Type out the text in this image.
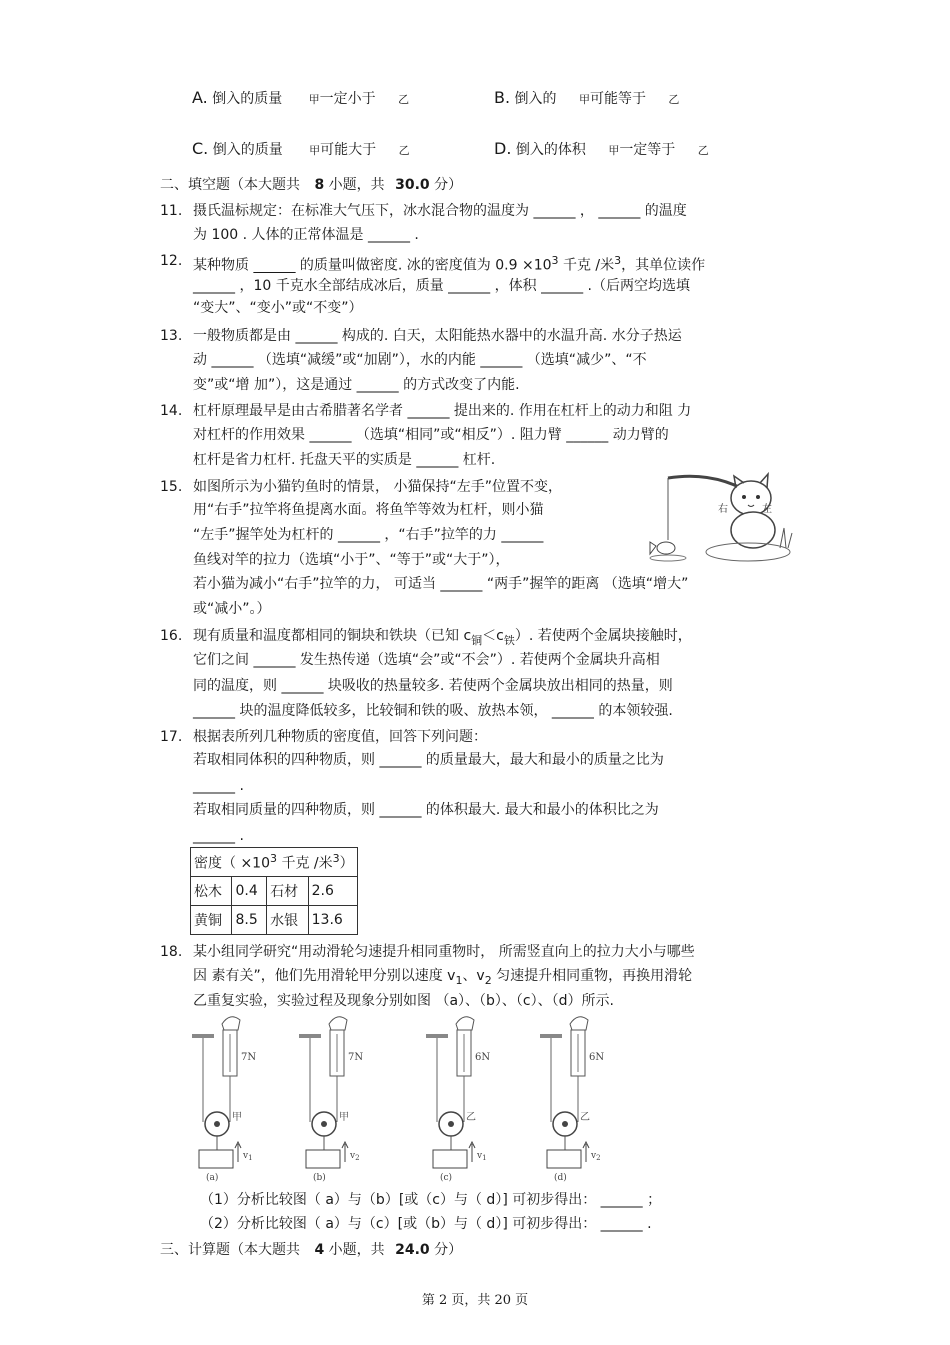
A. 倒入的质量 甲一定小于 乙	B. 倒入的 甲可能等于 乙
C. 倒入的质量 甲可能大于 乙	D. 倒入的体积 甲一定等于 乙
二、填空题（本大题共 8 小题，共 30.0 分）
11. 摄氏温标规定：在标准大气压下，冰水混合物的温度为 ______ ， ______ 的温度
为 100 . 人体的正常体温是 ______ .
12. 某种物质 ______ 的质量叫做密度. 冰的密度值为 $0.9 \times 10^3$ 千克 /米$^3$，其单位读作
______ ，10 千克水全部结成冰后，质量 ______ ，体积 ______ .（后两空均选填
“变大”、“变小”或“不变”）
13. 一般物质都是由 ______ 构成的. 白天，太阳能热水器中的水温升高. 水分子热运
动 ______ （选填“减缓”或“加剧”），水的内能 ______ （选填“减少”、“不
变”或“增 加”），这是通过 ______ 的方式改变了内能.
14. 杠杆原理最早是由古希腊著名学者 ______ 提出来的. 作用在杠杆上的动力和阻 力
对杠杆的作用效果 ______ （选填“相同”或“相反”）. 阻力臂 ______ 动力臂的
杠杆是省力杠杆. 托盘天平的实质是 ______ 杠杆.
15. 如图所示为小猫钓鱼时的情景， 小猫保持“左手”位置不变，
用“右手”拉竿将鱼提离水面。将鱼竿等效为杠杆，则小猫
“左手”握竿处为杠杆的 ______ ，“右手”拉竿的力 ______
鱼线对竿的拉力（选填“小于”、“等于”或“大于”），
若小猫为减小“右手”拉竿的力， 可适当 ______ “两手”握竿的距离 （选填“增大”
或“减小”。）
左
右
16. 现有质量和温度都相同的铜块和铁块（已知 $c_铜<c_铁$）. 若使两个金属块接触时，
它们之间 ______ 发生热传递（选填“会”或“不会”）. 若使两个金属块升高相
同的温度，则 ______ 块吸收的热量较多. 若使两个金属块放出相同的热量，则
______ 块的温度降低较多，比较铜和铁的吸、放热本领， ______ 的本领较强.
17. 根据表所列几种物质的密度值，回答下列问题：
若取相同体积的四种物质，则 ______ 的质量最大，最大和最小的质量之比为
______ .
若取相同质量的四种物质，则 ______ 的体积最大. 最大和最小的体积比之为
______ .
密度（ $\times 10^3$ 千克 /米$^3$）			
松木	0.4	石材	2.6
黄铜	8.5	水银	13.6
18. 某小组同学研究“用动滑轮匀速提升相同重物时， 所需竖直向上的拉力大小与哪些
因 素有关”，他们先用滑轮甲分别以速度 $v_1$、$v_2$ 匀速提升相同重物，再换用滑轮
乙重复实验，实验过程及现象分别如图 （a）、（b）、（c）、（d）所示.
7N
甲
$v_1$
(a)
7N
甲
$v_2$
(b)
6N
乙
$v_1$
(c)
6N
乙
$v_2$
(d)
（1）分析比较图（ a）与（b）[或（c）与（ d）] 可初步得出： ______ ；
（2）分析比较图（ a）与（c）[或（b）与（ d）] 可初步得出： ______ .
三、计算题（本大题共 4 小题，共 24.0 分）
第 2 页，共 20 页
